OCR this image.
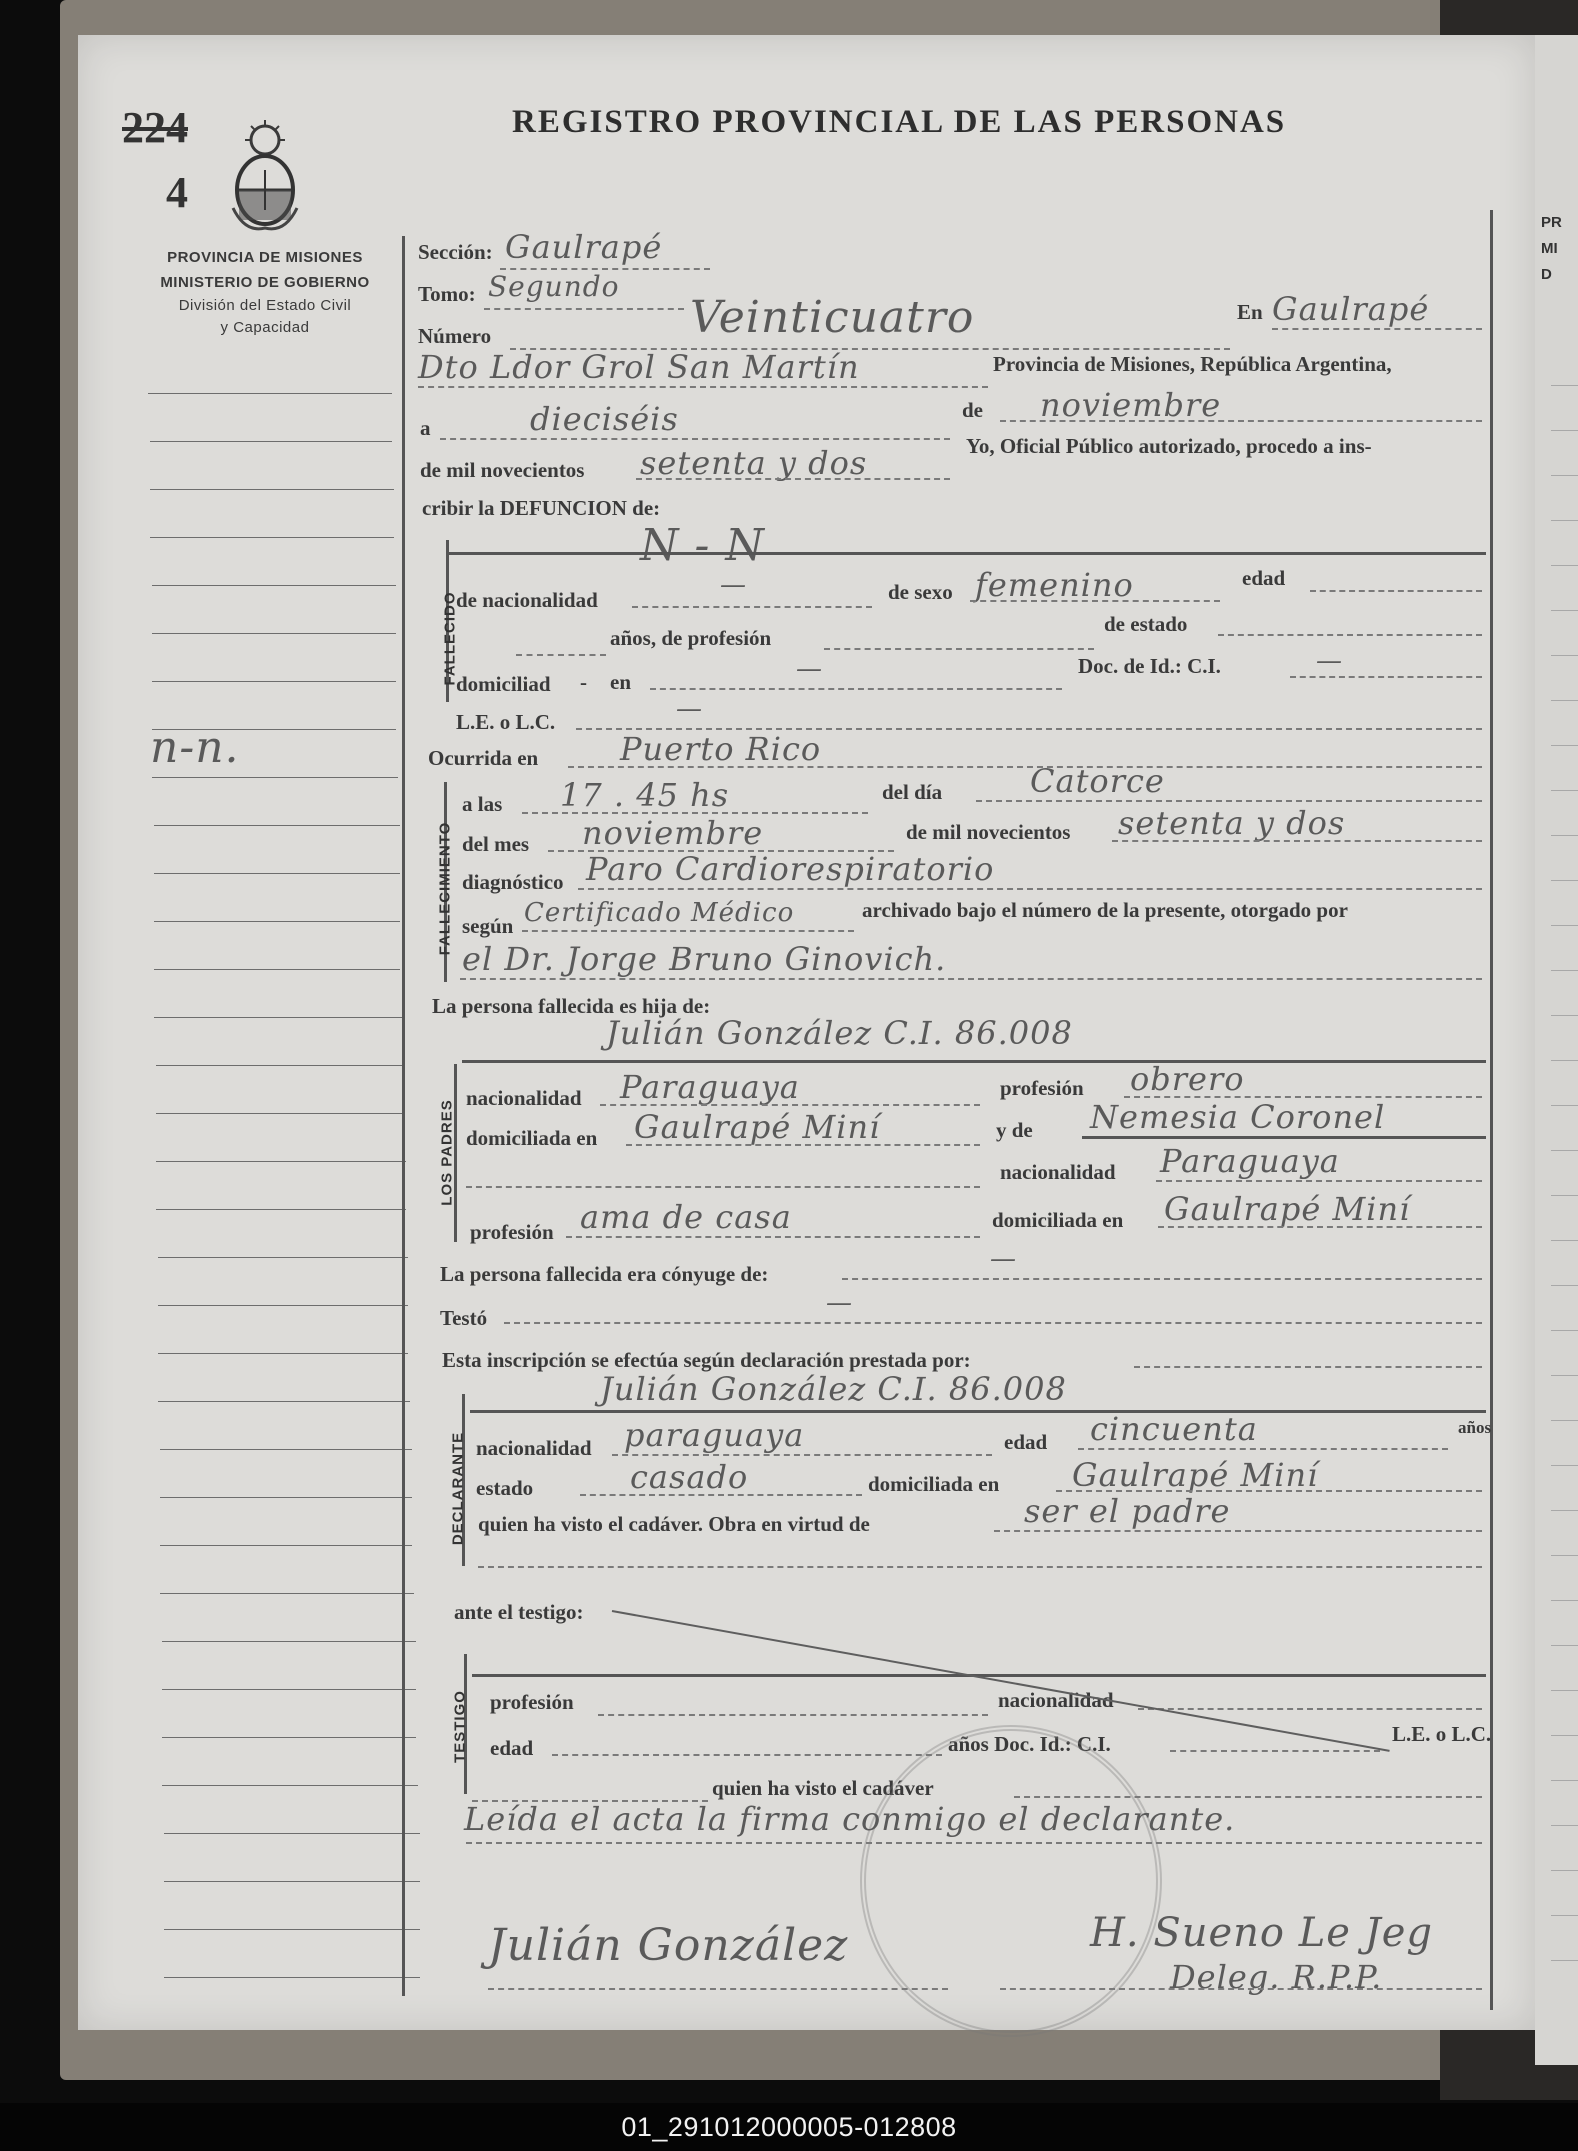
PR
MI
D
224
4
REGISTRO PROVINCIAL DE LAS PERSONAS
PROVINCIA DE MISIONES
MINISTERIO DE GOBIERNO
División del Estado Civil
y Capacidad
n-n.
Sección: Gaulrapé
Tomo: Segundo
Número	Veinticuatro	En Gaulrapé
Dto Ldor Grol San Martín	Provincia de Misiones, República Argentina,
a	dieciséis	de noviembre
de mil novecientos setenta y dos	Yo, Oficial Público autorizado, procedo a ins-
cribir la DEFUNCION de:
FALLECIDO
N - N
de nacionalidad	—	de sexo femenino	edad
años, de profesión
de estado
domiciliad - en	—	Doc. de Id.: C.I.	—
L.E. o L.C.	—
Ocurrida en	Puerto Rico
FALLECIMIENTO
a las 17 . 45 hs	del día	Catorce
del mes noviembre	de mil novecientos setenta y dos
diagnóstico Paro Cardiorespiratorio
según Certificado Médico	archivado bajo el número de la presente, otorgado por
el Dr. Jorge Bruno Ginovich.
La persona fallecida es hija de:
Julián González C.I. 86.008
LOS PADRES
nacionalidad Paraguaya	profesión obrero
domiciliada en Gaulrapé Miní	y de Nemesia Coronel
nacionalidad Paraguaya
profesión ama de casa	domiciliada en Gaulrapé Miní
La persona fallecida era cónyuge de:	—
Testó	—
Esta inscripción se efectúa según declaración prestada por:
Julián González C.I. 86.008
DECLARANTE nacionalidad paraguaya	edad cincuenta	años
estado	casado	domiciliada en Gaulrapé Miní
quien ha visto el cadáver. Obra en virtud de	ser el padre
ante el testigo:
TESTIGO profesión	nacionalidad
edad	años Doc. Id.: C.I.	L.E. o L.C.
quien ha visto el cadáver
Leída el acta la firma conmigo el declarante.
Julián González	H. Sueno Le Jeg
Deleg. R.P.P.
01_291012000005-012808
